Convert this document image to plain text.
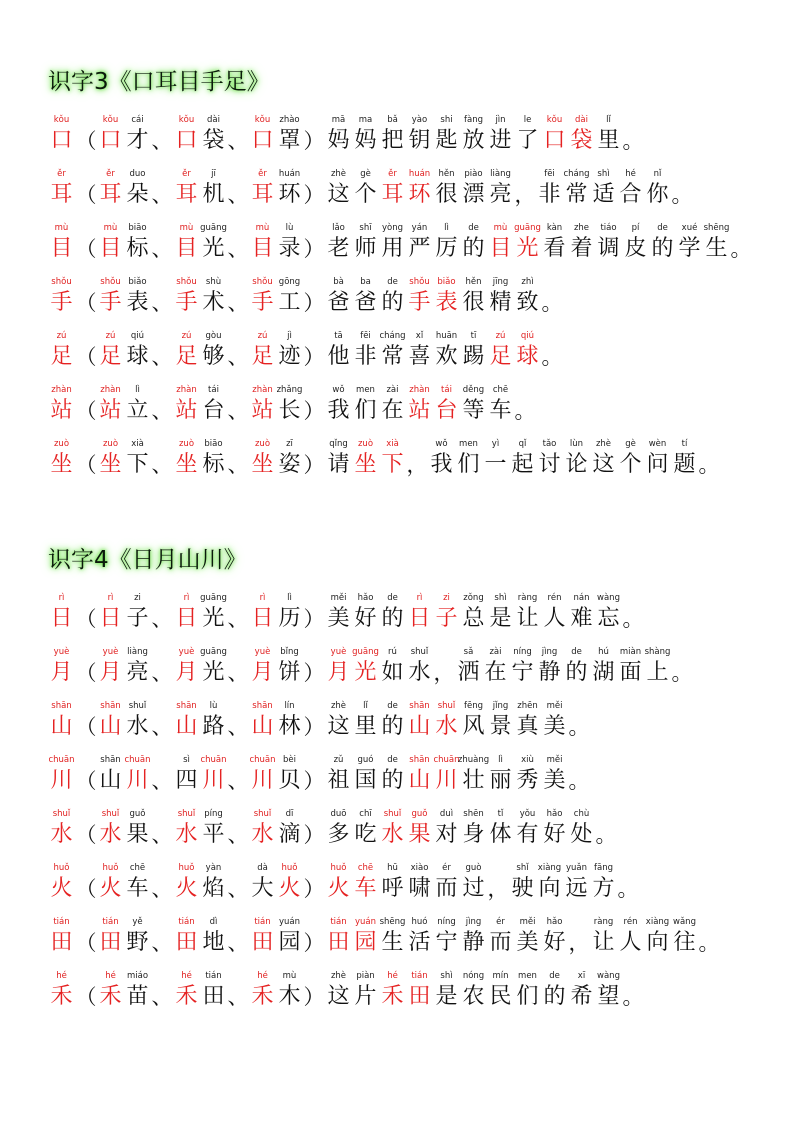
识字3《口耳目手足》
kǒu
口 （
kǒu
口
cái
才 、
kǒu
口
dài
袋 、
kǒu
口
zhào
罩 ）
mā
妈
ma
妈
bǎ
把
yào
钥
shi
匙
fàng
放
jìn
进
le
了
kǒu
口
dài
袋
lǐ
里 。
ěr
耳 （
ěr
耳
duo
朵 、
ěr
耳
jī
机 、
ěr
耳
huán
环 ）
zhè
这
gè
个
ěr
耳
huán
环
hěn
很
piào
漂
liàng
亮 ，
fēi
非
cháng
常
shì
适
hé
合
nǐ
你 。
mù
目 （
mù
目
biāo
标 、
mù
目
guāng
光 、
mù
目
lù
录 ）
lǎo
老
shī
师
yòng
用
yán
严
lì
厉
de
的
mù
目
guāng
光
kàn
看
zhe
着
tiáo
调
pí
皮
de
的
xué
学
shēng
生 。
shǒu
手 （
shǒu
手
biǎo
表 、
shǒu
手
shù
术 、
shǒu
手
gōng
工 ）
bà
爸
ba
爸
de
的
shǒu
手
biǎo
表
hěn
很
jīng
精
zhì
致 。
zú
足 （
zú
足
qiú
球 、
zú
足
gòu
够 、
zú
足
jì
迹 ）
tā
他
fēi
非
cháng
常
xǐ
喜
huān
欢
tī
踢
zú
足
qiú
球 。
zhàn
站 （
zhàn
站
lì
立 、
zhàn
站
tái
台 、
zhàn
站
zhǎng
长 ）
wǒ
我
men
们
zài
在
zhàn
站
tái
台
děng
等
chē
车 。
zuò
坐 （
zuò
坐
xià
下 、
zuò
坐
biāo
标 、
zuò
坐
zī
姿 ）
qǐng
请
zuò
坐
xià
下 ，
wǒ
我
men
们
yì
一
qǐ
起
tǎo
讨
lùn
论
zhè
这
gè
个
wèn
问
tí
题 。
识字4《日月山川》
rì
日 （
rì
日
zi
子 、
rì
日
guāng
光 、
rì
日
lì
历 ）
měi
美
hǎo
好
de
的
rì
日
zi
子
zǒng
总
shì
是
ràng
让
rén
人
nán
难
wàng
忘 。
yuè
月 （
yuè
月
liàng
亮 、
yuè
月
guāng
光 、
yuè
月
bǐng
饼 ）
yuè
月
guāng
光
rú
如
shuǐ
水 ，
sǎ
洒
zài
在
níng
宁
jìng
静
de
的
hú
湖
miàn
面
shàng
上 。
shān
山 （
shān
山
shuǐ
水 、
shān
山
lù
路 、
shān
山
lín
林 ）
zhè
这
lǐ
里
de
的
shān
山
shuǐ
水
fēng
风
jǐng
景
zhēn
真
měi
美 。
chuān
川 （
shān
山
chuān
川 、
sì
四
chuān
川 、
chuān
川
bèi
贝 ）
zǔ
祖
guó
国
de
的
shān
山
chuān
川
zhuàng
壮
lì
丽
xiù
秀
měi
美 。
shuǐ
水 （
shuǐ
水
guǒ
果 、
shuǐ
水
píng
平 、
shuǐ
水
dī
滴 ）
duō
多
chī
吃
shuǐ
水
guǒ
果
duì
对
shēn
身
tǐ
体
yǒu
有
hǎo
好
chù
处 。
huǒ
火 （
huǒ
火
chē
车 、
huǒ
火
yàn
焰 、
dà
大
huǒ
火 ）
huǒ
火
chē
车
hū
呼
xiào
啸
ér
而
guò
过 ，
shǐ
驶
xiàng
向
yuǎn
远
fāng
方 。
tián
田 （
tián
田
yě
野 、
tián
田
dì
地 、
tián
田
yuán
园 ）
tián
田
yuán
园
shēng
生
huó
活
níng
宁
jìng
静
ér
而
měi
美
hǎo
好 ，
ràng
让
rén
人
xiàng
向
wǎng
往 。
hé
禾 （
hé
禾
miáo
苗 、
hé
禾
tián
田 、
hé
禾
mù
木 ）
zhè
这
piàn
片
hé
禾
tián
田
shì
是
nóng
农
mín
民
men
们
de
的
xī
希
wàng
望 。
